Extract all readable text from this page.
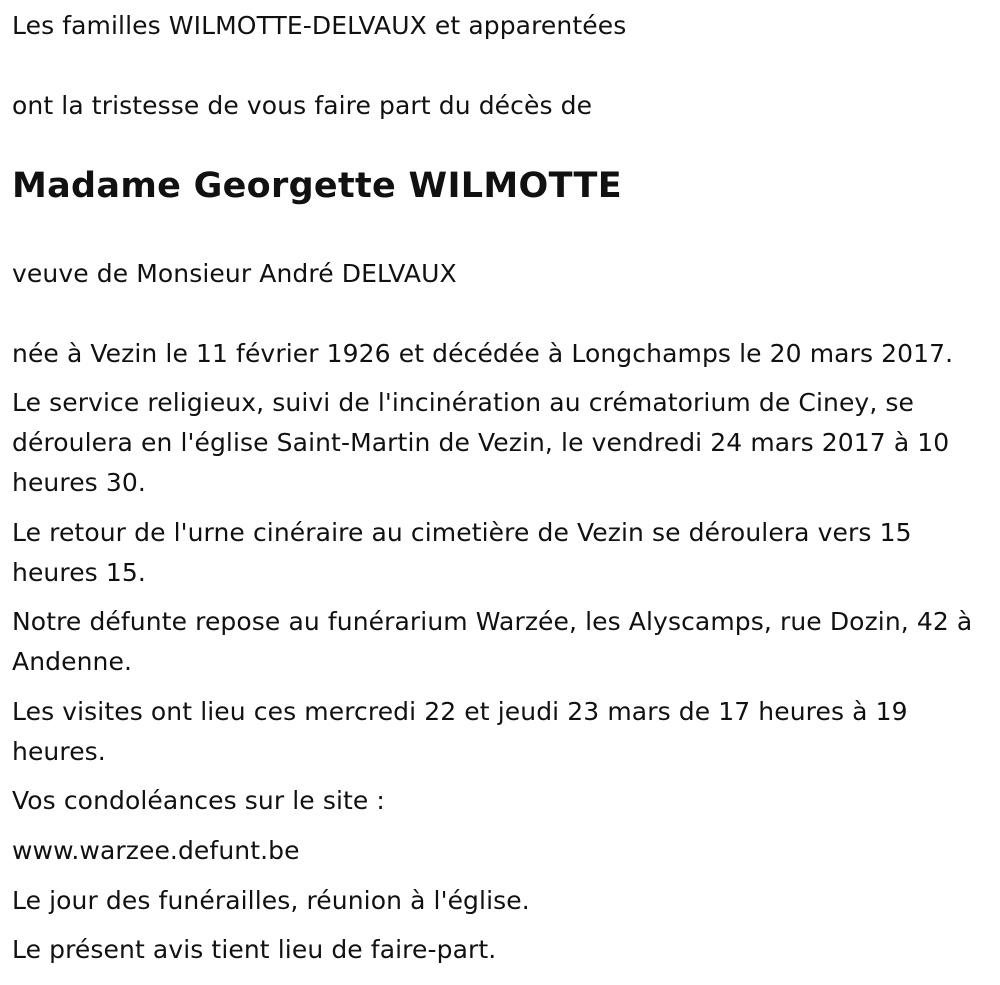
Les familles WILMOTTE-DELVAUX et apparentées
ont la tristesse de vous faire part du décès de
Madame Georgette WILMOTTE
veuve de Monsieur André DELVAUX
née à Vezin le 11 février 1926 et décédée à Longchamps le 20 mars 2017.
Le service religieux, suivi de l'incinération au crématorium de Ciney, se déroulera en l'église Saint-Martin de Vezin, le vendredi 24 mars 2017 à 10 heures 30.
Le retour de l'urne cinéraire au cimetière de Vezin se déroulera vers 15 heures 15.
Notre défunte repose au funérarium Warzée, les Alyscamps, rue Dozin, 42 à Andenne.
Les visites ont lieu ces mercredi 22 et jeudi 23 mars de 17 heures à 19 heures.
Vos condoléances sur le site :
www.warzee.defunt.be
Le jour des funérailles, réunion à l'église.
Le présent avis tient lieu de faire-part.
